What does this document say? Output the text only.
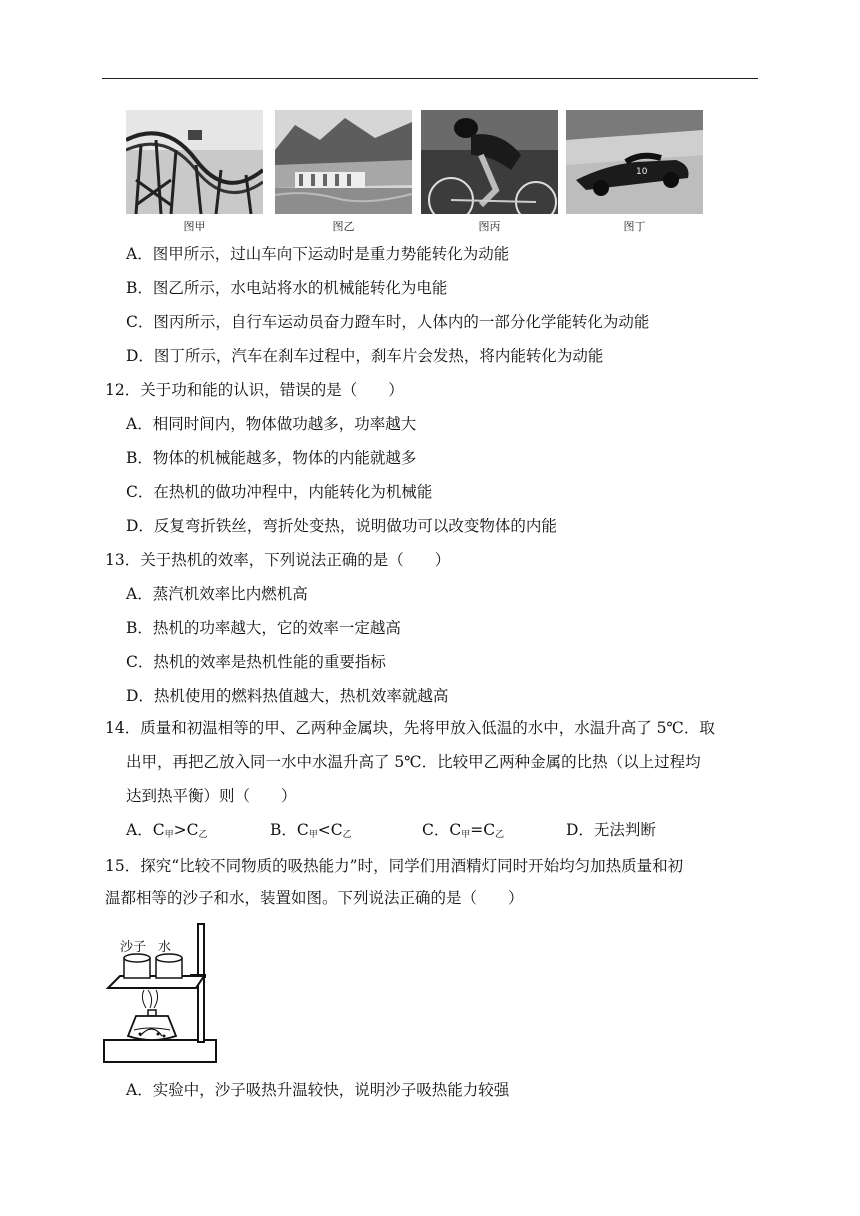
10
图甲	图乙	图丙	图丁
A．图甲所示，过山车向下运动时是重力势能转化为动能
B．图乙所示，水电站将水的机械能转化为电能
C．图丙所示，自行车运动员奋力蹬车时，人体内的一部分化学能转化为动能
D．图丁所示，汽车在刹车过程中，刹车片会发热，将内能转化为动能
12．关于功和能的认识，错误的是（　　）
A．相同时间内，物体做功越多，功率越大
B．物体的机械能越多，物体的内能就越多
C．在热机的做功冲程中，内能转化为机械能
D．反复弯折铁丝，弯折处变热，说明做功可以改变物体的内能
13．关于热机的效率，下列说法正确的是（　　）
A．蒸汽机效率比内燃机高
B．热机的功率越大，它的效率一定越高
C．热机的效率是热机性能的重要指标
D．热机使用的燃料热值越大，热机效率就越高
14．质量和初温相等的甲、乙两种金属块，先将甲放入低温的水中，水温升高了 5℃．取
出甲，再把乙放入同一水中水温升高了 5℃．比较甲乙两种金属的比热（以上过程均
达到热平衡）则（　　）
A．$C_甲>C_乙$	B．$C_甲<C_乙$	C．$C_甲=C_乙$	D．无法判断
15．探究“比较不同物质的吸热能力”时，同学们用酒精灯同时开始均匀加热质量和初
温都相等的沙子和水，装置如图。下列说法正确的是（　　）
沙子 水
A．实验中，沙子吸热升温较快，说明沙子吸热能力较强
